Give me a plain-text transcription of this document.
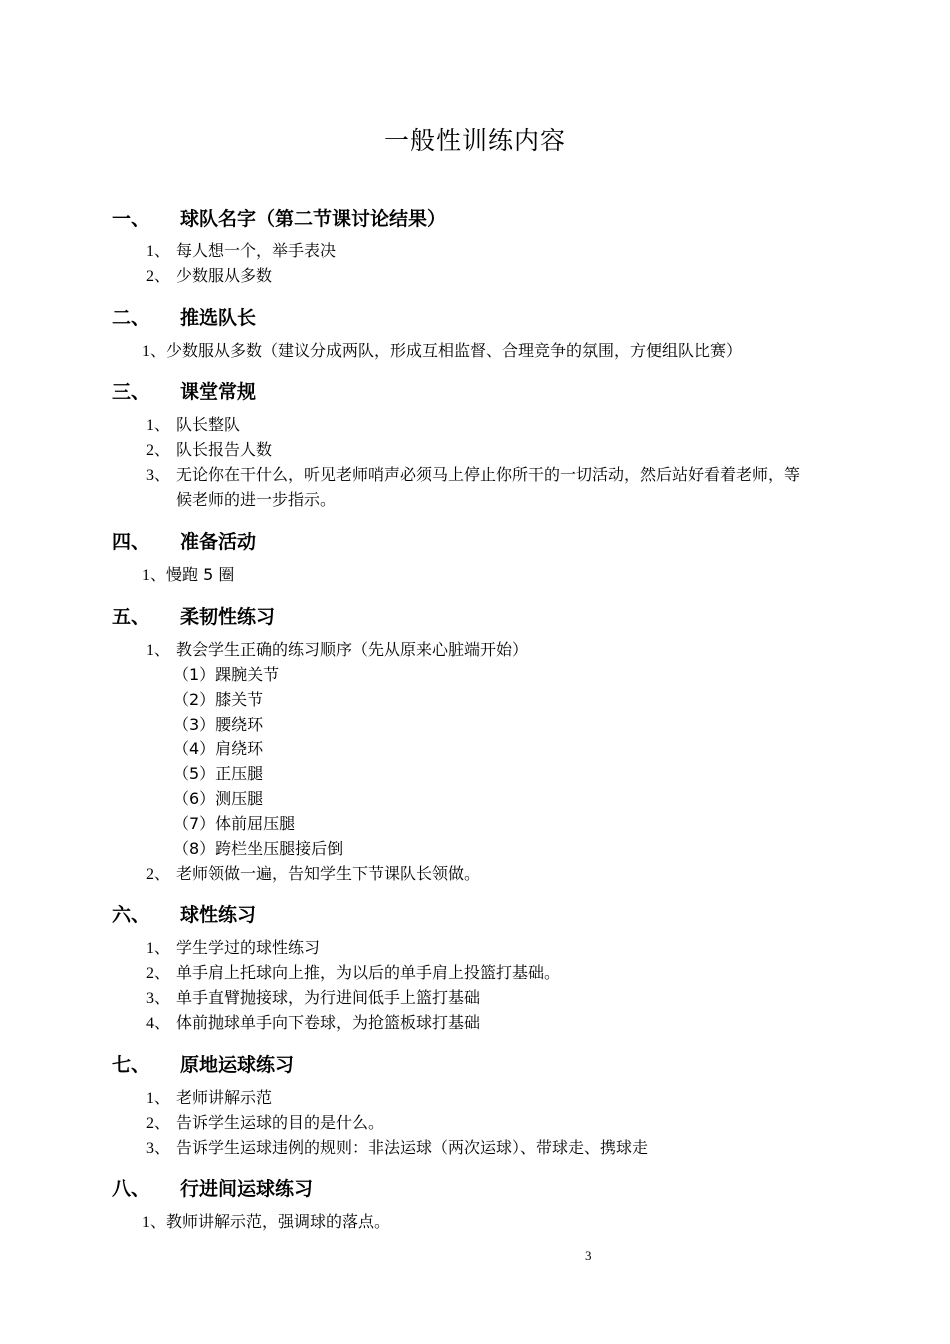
一般性训练内容
一、 球队名字（第二节课讨论结果）
1、 每人想一个，举手表决
2、 少数服从多数
二、 推选队长
1、少数服从多数（建议分成两队，形成互相监督、合理竞争的氛围，方便组队比赛）
三、 课堂常规
1、 队长整队
2、 队长报告人数
3、 无论你在干什么，听见老师哨声必须马上停止你所干的一切活动，然后站好看着老师，等
候老师的进一步指示。
四、 准备活动
1、慢跑 5 圈
五、 柔韧性练习
1、 教会学生正确的练习顺序（先从原来心脏端开始）
（1）踝腕关节
（2）膝关节
（3）腰绕环
（4）肩绕环
（5）正压腿
（6）测压腿
（7）体前屈压腿
（8）跨栏坐压腿接后倒
2、 老师领做一遍，告知学生下节课队长领做。
六、 球性练习
1、 学生学过的球性练习
2、 单手肩上托球向上推，为以后的单手肩上投篮打基础。
3、 单手直臂抛接球，为行进间低手上篮打基础
4、 体前抛球单手向下卷球，为抢篮板球打基础
七、 原地运球练习
1、 老师讲解示范
2、 告诉学生运球的目的是什么。
3、 告诉学生运球违例的规则：非法运球（两次运球）、带球走、携球走
八、 行进间运球练习
1、教师讲解示范，强调球的落点。
3
